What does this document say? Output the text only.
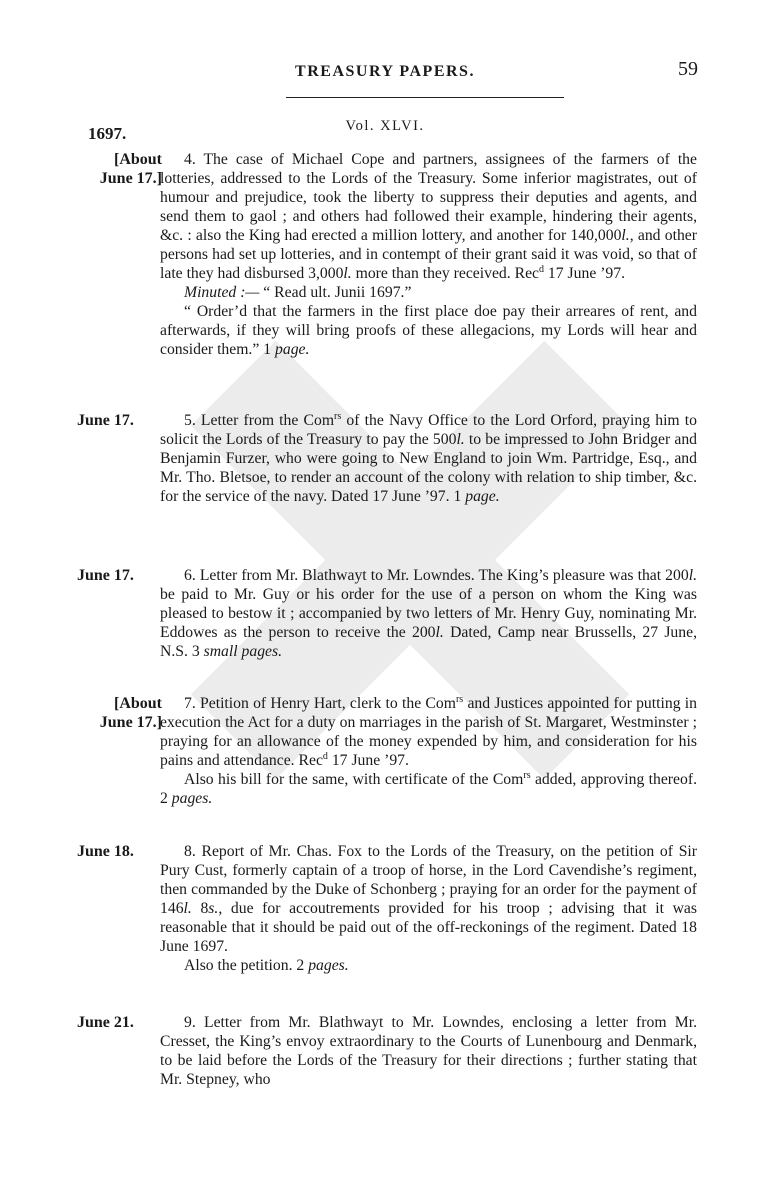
TREASURY PAPERS.	59
Vol. XLVI.
1697.
[About
June 17.]

4. The case of Michael Cope and partners, assignees of the farmers of the lotteries, addressed to the Lords of the Treasury. Some inferior magistrates, out of humour and prejudice, took the liberty to suppress their deputies and agents, and send them to gaol ; and others had followed their example, hindering their agents, &c. : also the King had erected a million lottery, and another for 140,000l., and other persons had set up lotteries, and in contempt of their grant said it was void, so that of late they had disbursed 3,000l. more than they received. Rec$^d$ 17 June ’97.

Minuted :— “ Read ult. Junii 1697.”

“ Order’d that the farmers in the first place doe pay their arreares of rent, and afterwards, if they will bring proofs of these allegacions, my Lords will hear and consider them.” 1 page.

June 17.	5. Letter from the Com$^{rs}$ of the Navy Office to the Lord Orford, praying him to solicit the Lords of the Treasury to pay the 500l. to be impressed to John Bridger and Benjamin Furzer, who were going to New England to join Wm. Partridge, Esq., and Mr. Tho. Bletsoe, to render an account of the colony with relation to ship timber, &c. for the service of the navy. Dated 17 June ’97. 1 page.

June 17.	6. Letter from Mr. Blathwayt to Mr. Lowndes. The King’s pleasure was that 200l. be paid to Mr. Guy or his order for the use of a person on whom the King was pleased to bestow it ; accompanied by two letters of Mr. Henry Guy, nominating Mr. Eddowes as the person to receive the 200l. Dated, Camp near Brussells, 27 June, N.S. 3 small pages.

[About
June 17.]

7. Petition of Henry Hart, clerk to the Com$^{rs}$ and Justices appointed for putting in execution the Act for a duty on marriages in the parish of St. Margaret, Westminster ; praying for an allowance of the money expended by him, and consideration for his pains and attendance. Rec$^d$ 17 June ’97.

Also his bill for the same, with certificate of the Com$^{rs}$ added, approving thereof. 2 pages.

June 18.	8. Report of Mr. Chas. Fox to the Lords of the Treasury, on the petition of Sir Pury Cust, formerly captain of a troop of horse, in the Lord Cavendishe’s regiment, then commanded by the Duke of Schonberg ; praying for an order for the payment of 146l. 8s., due for accoutrements provided for his troop ; advising that it was reasonable that it should be paid out of the off-reckonings of the regiment. Dated 18 June 1697.

Also the petition. 2 pages.

June 21.	9. Letter from Mr. Blathwayt to Mr. Lowndes, enclosing a letter from Mr. Cresset, the King’s envoy extraordinary to the Courts of Lunenbourg and Denmark, to be laid before the Lords of the Treasury for their directions ; further stating that Mr. Stepney, who
